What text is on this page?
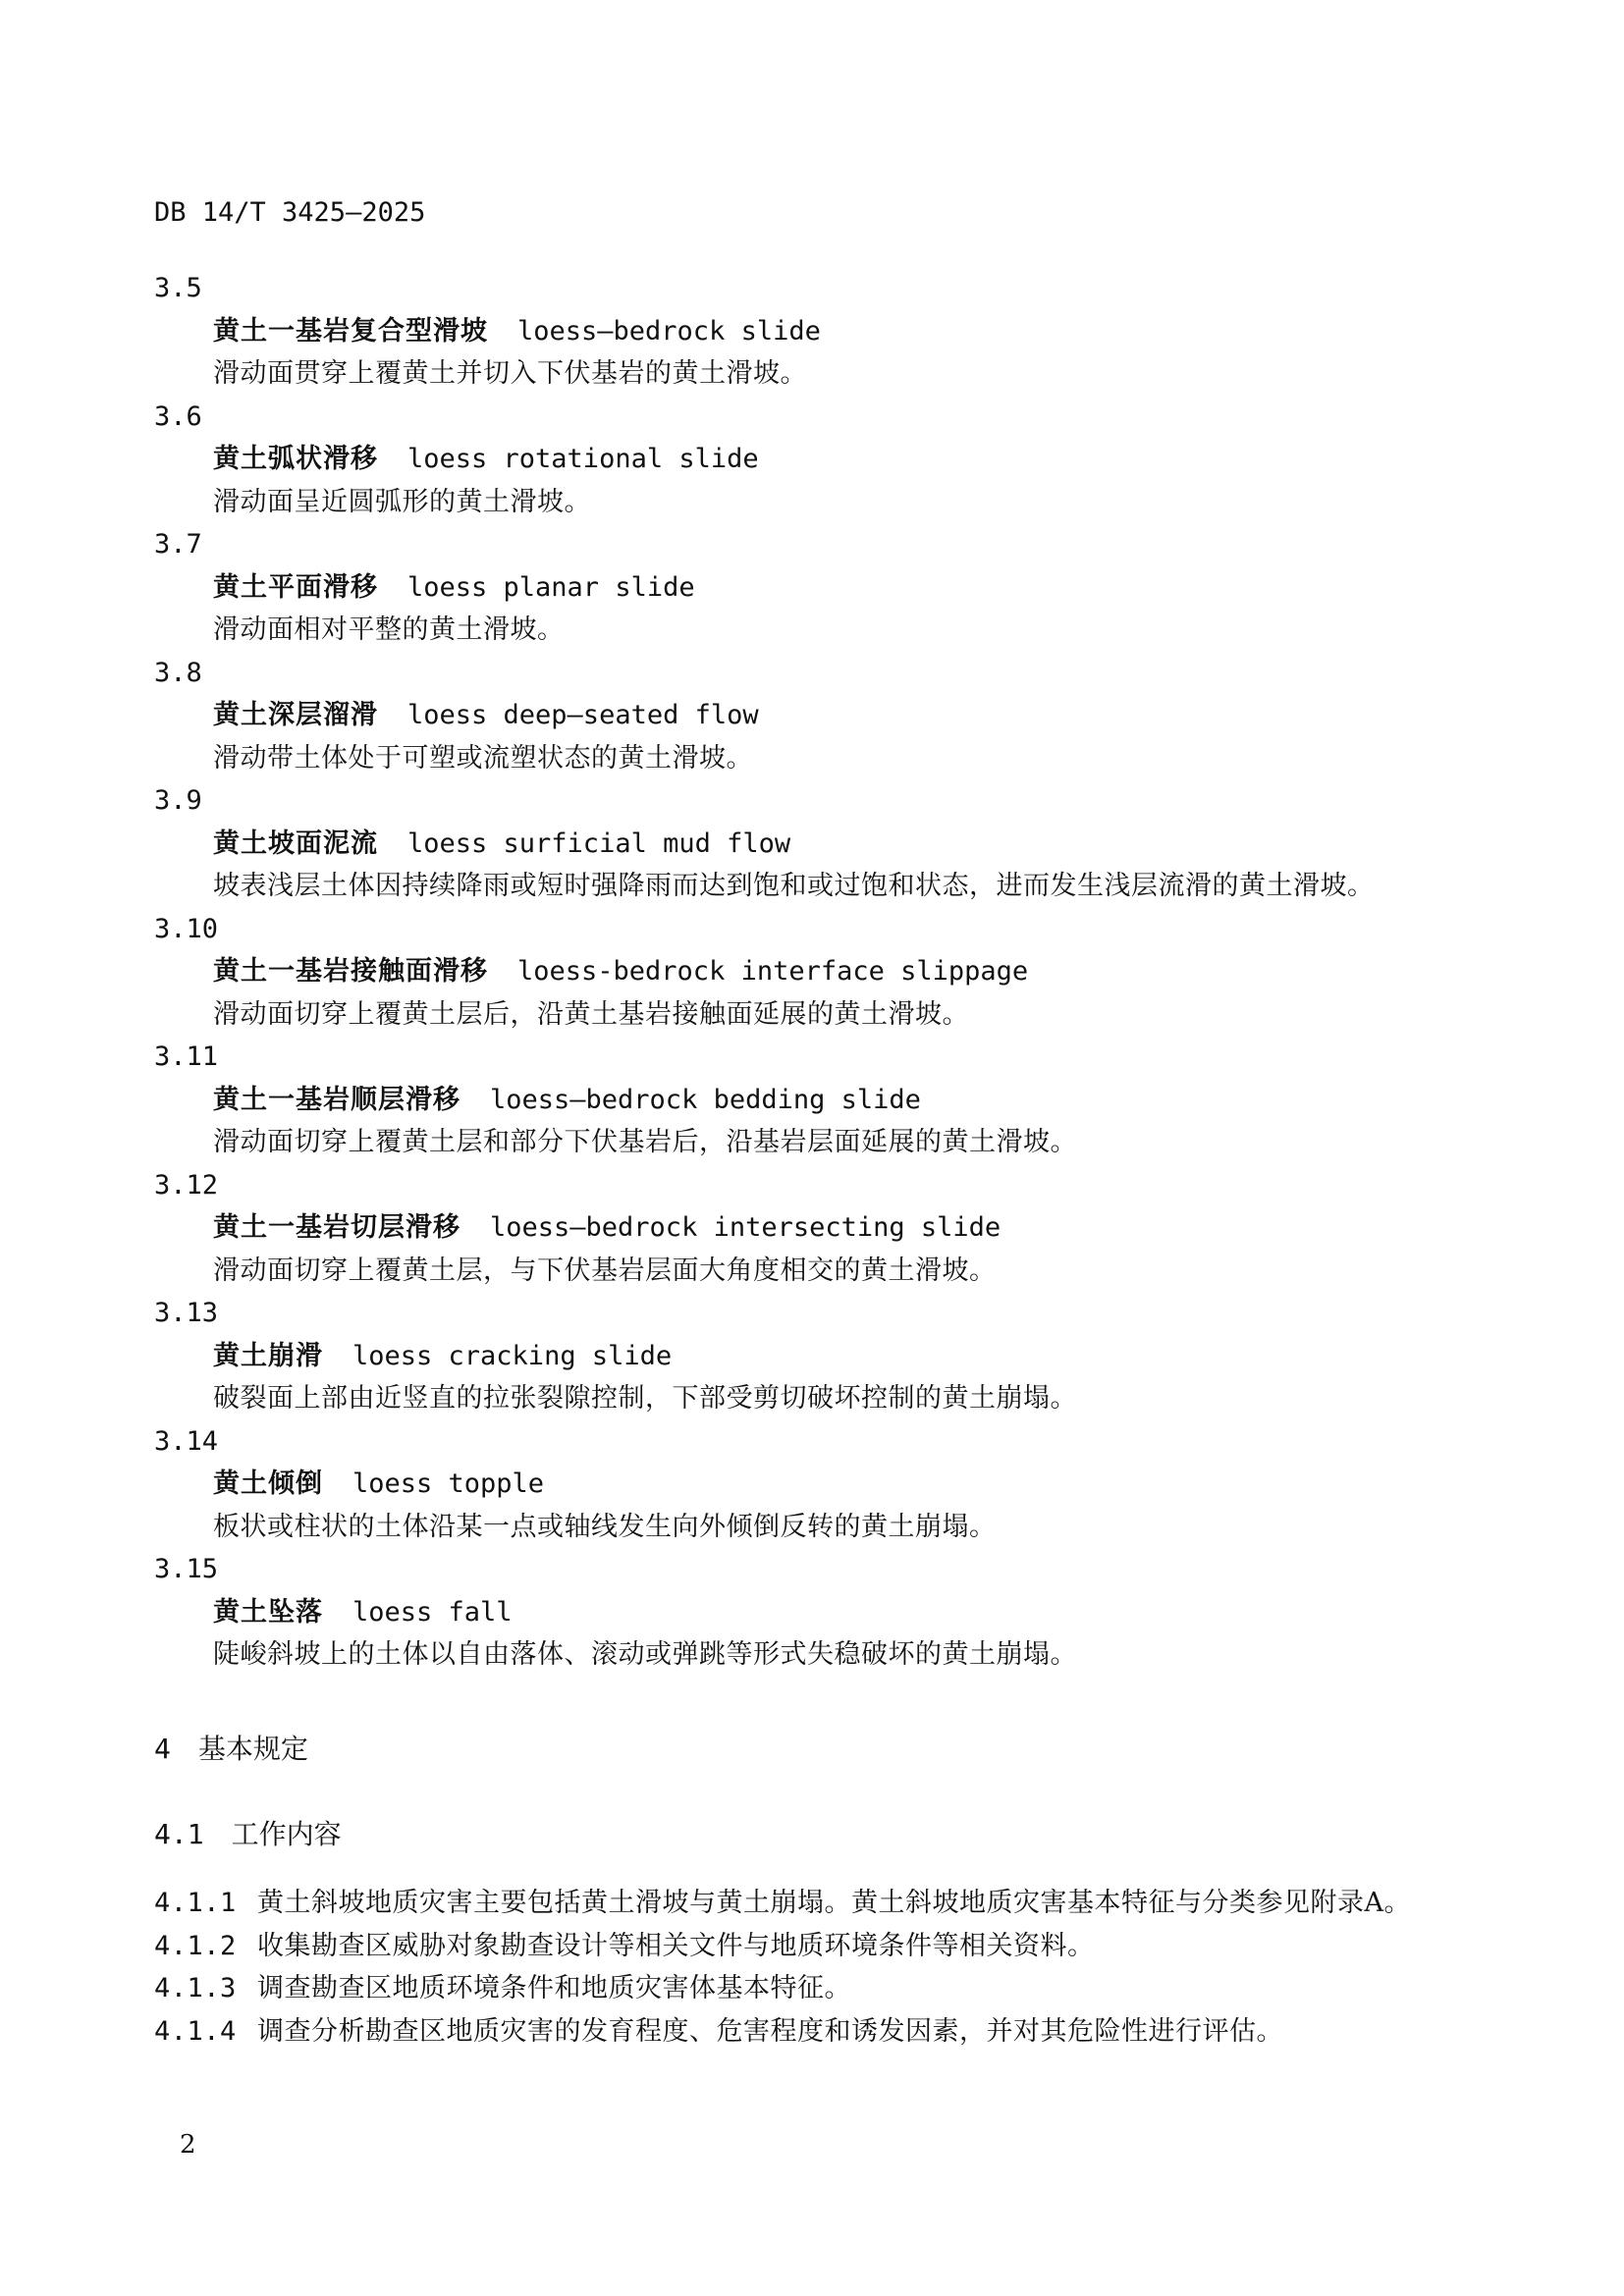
DB 14/T 3425—2025
3.5
黄土一基岩复合型滑坡 loess—bedrock slide
滑动面贯穿上覆黄土并切入下伏基岩的黄土滑坡。
3.6
黄土弧状滑移 loess rotational slide
滑动面呈近圆弧形的黄土滑坡。
3.7
黄土平面滑移 loess planar slide
滑动面相对平整的黄土滑坡。
3.8
黄土深层溜滑 loess deep—seated flow
滑动带土体处于可塑或流塑状态的黄土滑坡。
3.9
黄土坡面泥流 loess surficial mud flow
坡表浅层土体因持续降雨或短时强降雨而达到饱和或过饱和状态，进而发生浅层流滑的黄土滑坡。
3.10
黄土一基岩接触面滑移 loess-bedrock interface slippage
滑动面切穿上覆黄土层后，沿黄土基岩接触面延展的黄土滑坡。
3.11
黄土一基岩顺层滑移 loess—bedrock bedding slide
滑动面切穿上覆黄土层和部分下伏基岩后，沿基岩层面延展的黄土滑坡。
3.12
黄土一基岩切层滑移 loess—bedrock intersecting slide
滑动面切穿上覆黄土层，与下伏基岩层面大角度相交的黄土滑坡。
3.13
黄土崩滑 loess cracking slide
破裂面上部由近竖直的拉张裂隙控制，下部受剪切破坏控制的黄土崩塌。
3.14
黄土倾倒 loess topple
板状或柱状的土体沿某一点或轴线发生向外倾倒反转的黄土崩塌。
3.15
黄土坠落 loess fall
陡峻斜坡上的土体以自由落体、滚动或弹跳等形式失稳破坏的黄土崩塌。
4 基本规定
4.1 工作内容
4.1.1 黄土斜坡地质灾害主要包括黄土滑坡与黄土崩塌。黄土斜坡地质灾害基本特征与分类参见附录A。
4.1.2 收集勘查区威胁对象勘查设计等相关文件与地质环境条件等相关资料。
4.1.3 调查勘查区地质环境条件和地质灾害体基本特征。
4.1.4 调查分析勘查区地质灾害的发育程度、危害程度和诱发因素，并对其危险性进行评估。
2
